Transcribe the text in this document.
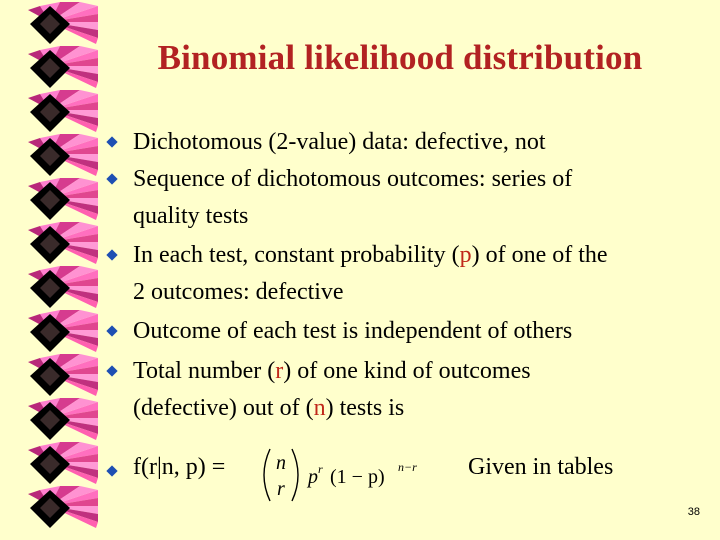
Binomial likelihood distribution
Dichotomous (2-value) data: defective, not
Sequence of dichotomous outcomes: series of
quality tests
In each test, constant probability (p) of one of the
2 outcomes: defective
Outcome of each test is independent of others
Total number (r) of one kind of outcomes
(defective) out of (n) tests is
f(r|n, p) =	n
r
p r (1 − p) n−r Given in tables
38
